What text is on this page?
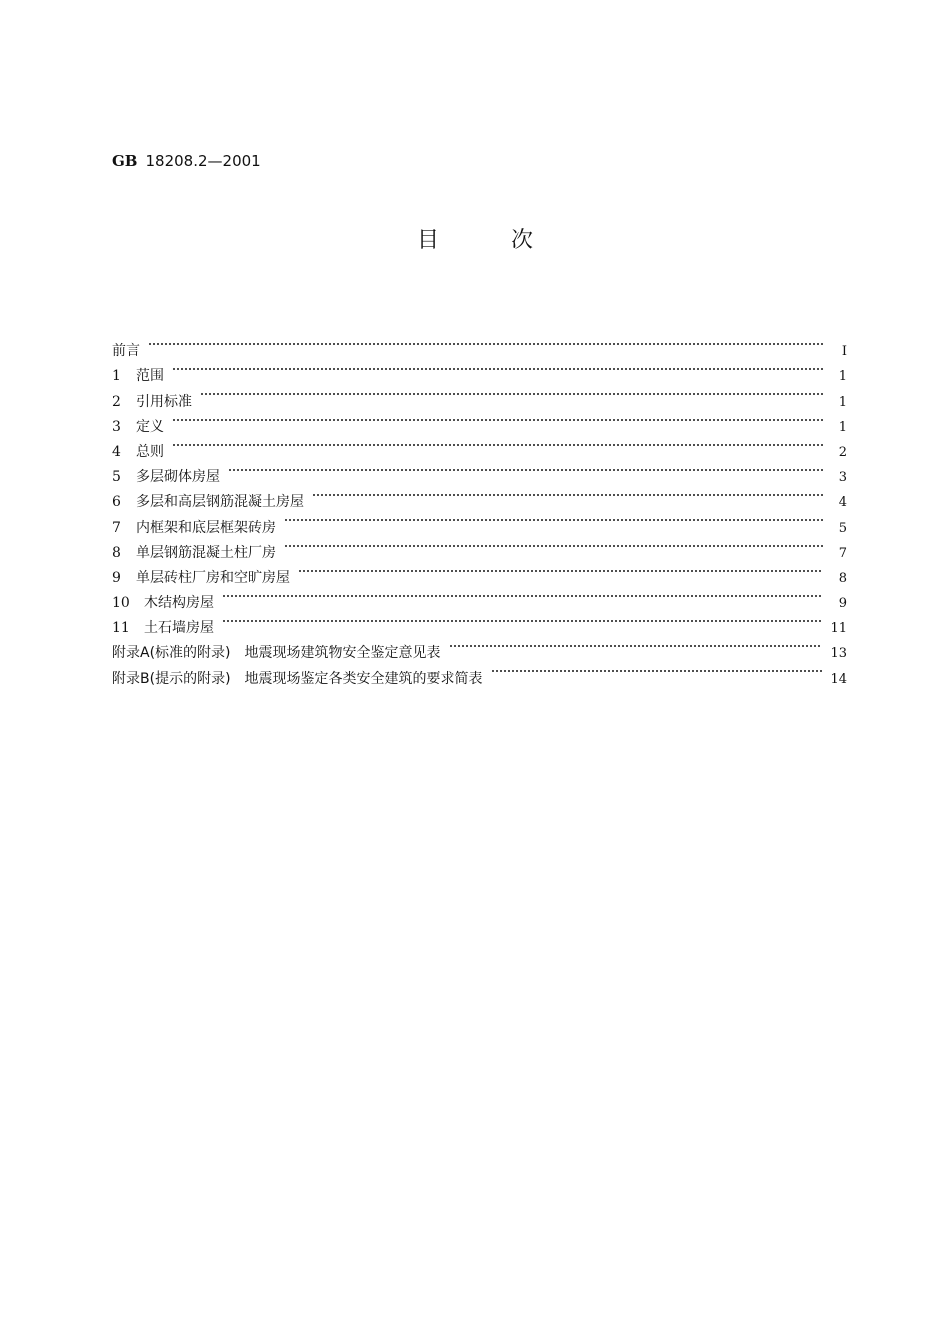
GB 18208.2—2001
目次
前言	I
1	范围	1
2	引用标准	1
3	定义	1
4	总则	2
5	多层砌体房屋	3
6	多层和高层钢筋混凝土房屋	4
7	内框架和底层框架砖房	5
8	单层钢筋混凝土柱厂房	7
9	单层砖柱厂房和空旷房屋	8
10	木结构房屋	9
11	土石墙房屋	11
附录A(标准的附录)　地震现场建筑物安全鉴定意见表	13
附录B(提示的附录)　地震现场鉴定各类安全建筑的要求简表	14
